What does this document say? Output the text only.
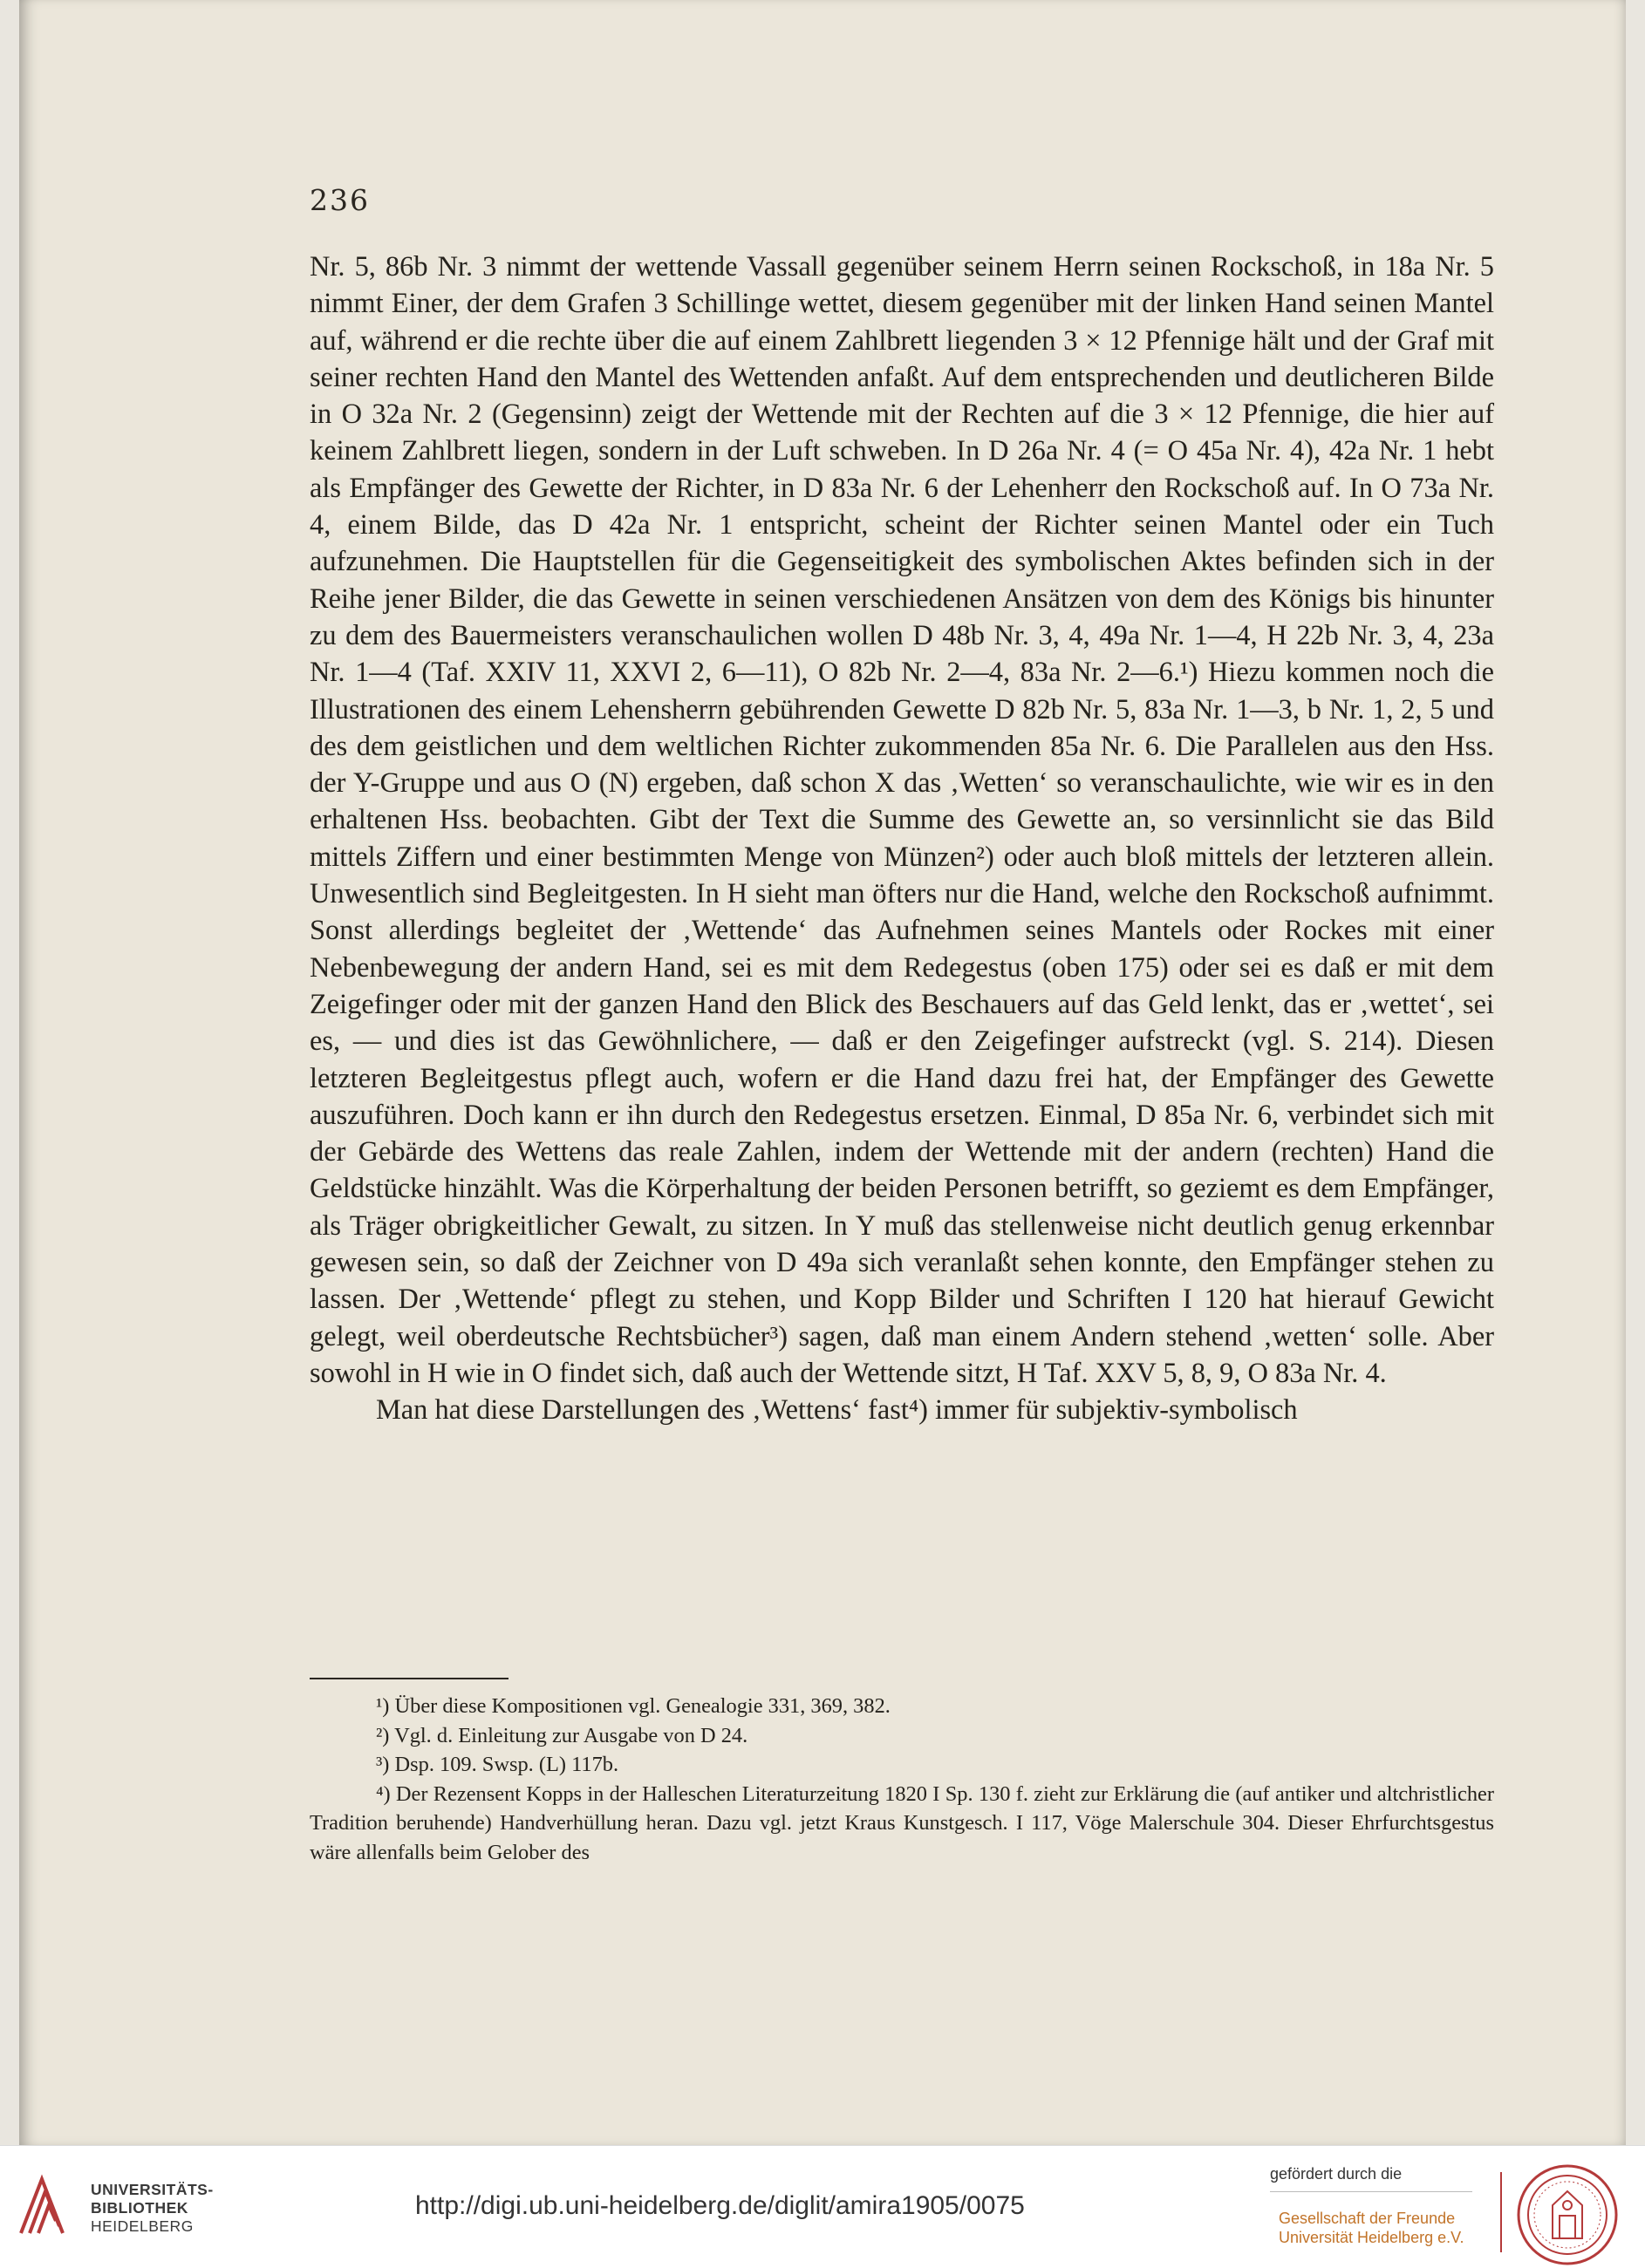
236

Nr. 5, 86b Nr. 3 nimmt der wettende Vassall gegenüber seinem Herrn seinen Rockschoß, in 18a Nr. 5 nimmt Einer, der dem Grafen 3 Schillinge wettet, diesem gegenüber mit der linken Hand seinen Mantel auf, während er die rechte über die auf einem Zahlbrett liegenden 3 × 12 Pfennige hält und der Graf mit seiner rechten Hand den Mantel des Wettenden anfaßt. Auf dem entsprechenden und deutlicheren Bilde in O 32a Nr. 2 (Gegensinn) zeigt der Wettende mit der Rechten auf die 3 × 12 Pfennige, die hier auf keinem Zahlbrett liegen, sondern in der Luft schweben. In D 26a Nr. 4 (= O 45a Nr. 4), 42a Nr. 1 hebt als Empfänger des Gewette der Richter, in D 83a Nr. 6 der Lehenherr den Rockschoß auf. In O 73a Nr. 4, einem Bilde, das D 42a Nr. 1 entspricht, scheint der Richter seinen Mantel oder ein Tuch aufzunehmen. Die Hauptstellen für die Gegenseitigkeit des symbolischen Aktes befinden sich in der Reihe jener Bilder, die das Gewette in seinen verschiedenen Ansätzen von dem des Königs bis hinunter zu dem des Bauermeisters veranschaulichen wollen D 48b Nr. 3, 4, 49a Nr. 1—4, H 22b Nr. 3, 4, 23a Nr. 1—4 (Taf. XXIV 11, XXVI 2, 6—11), O 82b Nr. 2—4, 83a Nr. 2—6.¹) Hiezu kommen noch die Illustrationen des einem Lehensherrn gebührenden Gewette D 82b Nr. 5, 83a Nr. 1—3, b Nr. 1, 2, 5 und des dem geistlichen und dem weltlichen Richter zukommenden 85a Nr. 6. Die Parallelen aus den Hss. der Y-Gruppe und aus O (N) ergeben, daß schon X das ‚Wetten‘ so veranschaulichte, wie wir es in den erhaltenen Hss. beobachten. Gibt der Text die Summe des Gewette an, so versinnlicht sie das Bild mittels Ziffern und einer bestimmten Menge von Münzen²) oder auch bloß mittels der letzteren allein. Unwesentlich sind Begleitgesten. In H sieht man öfters nur die Hand, welche den Rockschoß aufnimmt. Sonst allerdings begleitet der ‚Wettende‘ das Aufnehmen seines Mantels oder Rockes mit einer Nebenbewegung der andern Hand, sei es mit dem Redegestus (oben 175) oder sei es daß er mit dem Zeigefinger oder mit der ganzen Hand den Blick des Beschauers auf das Geld lenkt, das er ‚wettet‘, sei es, — und dies ist das Gewöhnlichere, — daß er den Zeigefinger aufstreckt (vgl. S. 214). Diesen letzteren Begleitgestus pflegt auch, wofern er die Hand dazu frei hat, der Empfänger des Gewette auszuführen. Doch kann er ihn durch den Redegestus ersetzen. Einmal, D 85a Nr. 6, verbindet sich mit der Gebärde des Wettens das reale Zahlen, indem der Wettende mit der andern (rechten) Hand die Geldstücke hinzählt. Was die Körperhaltung der beiden Personen betrifft, so geziemt es dem Empfänger, als Träger obrigkeitlicher Gewalt, zu sitzen. In Y muß das stellenweise nicht deutlich genug erkennbar gewesen sein, so daß der Zeichner von D 49a sich veranlaßt sehen konnte, den Empfänger stehen zu lassen. Der ‚Wettende‘ pflegt zu stehen, und Kopp Bilder und Schriften I 120 hat hierauf Gewicht gelegt, weil oberdeutsche Rechtsbücher³) sagen, daß man einem Andern stehend ‚wetten‘ solle. Aber sowohl in H wie in O findet sich, daß auch der Wettende sitzt, H Taf. XXV 5, 8, 9, O 83a Nr. 4.

Man hat diese Darstellungen des ‚Wettens‘ fast⁴) immer für subjektiv-symbolisch

¹) Über diese Kompositionen vgl. Genealogie 331, 369, 382.

²) Vgl. d. Einleitung zur Ausgabe von D 24.

³) Dsp. 109. Swsp. (L) 117b.

⁴) Der Rezensent Kopps in der Halleschen Literaturzeitung 1820 I Sp. 130 f. zieht zur Erklärung die (auf antiker und altchristlicher Tradition beruhende) Handverhüllung heran. Dazu vgl. jetzt Kraus Kunstgesch. I 117, Vöge Malerschule 304. Dieser Ehrfurchtsgestus wäre allenfalls beim Gelober des

UNIVERSITÄTS-
BIBLIOTHEK
HEIDELBERG
http://digi.ub.uni-heidelberg.de/diglit/amira1905/0075
gefördert durch die
Gesellschaft der Freunde
Universität Heidelberg e.V.
